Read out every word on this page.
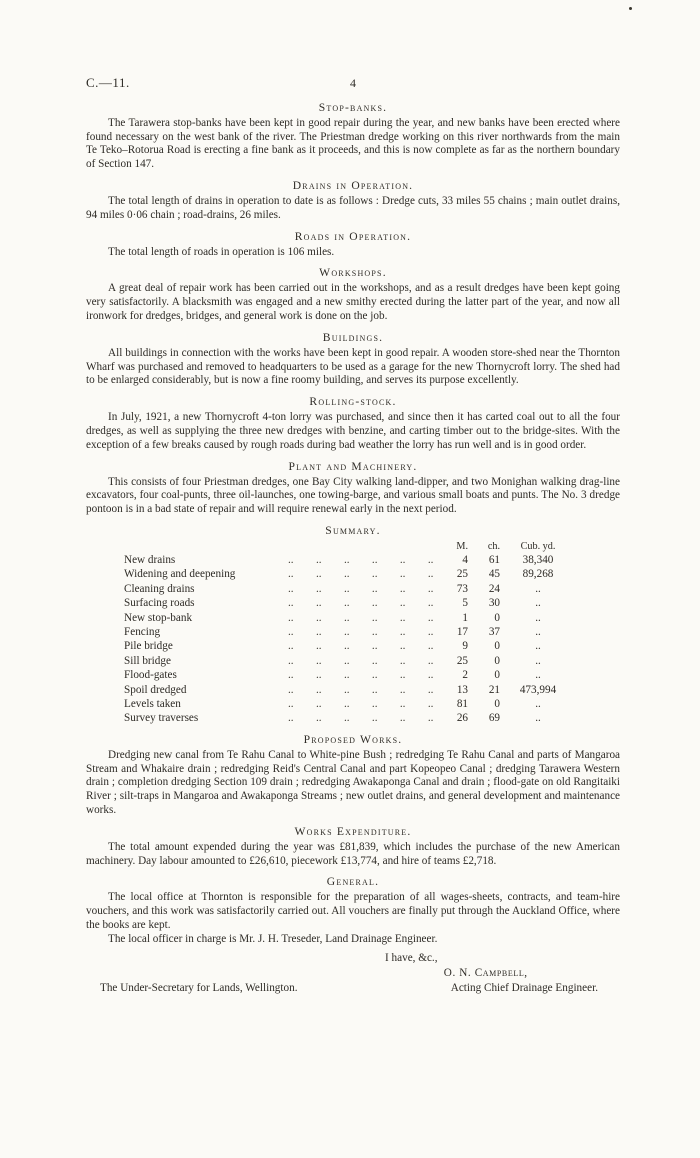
C.—11.	4
Stop-banks.

The Tarawera stop-banks have been kept in good repair during the year, and new banks have been erected where found necessary on the west bank of the river. The Priestman dredge working on this river northwards from the main Te Teko–Rotorua Road is erecting a fine bank as it proceeds, and this is now complete as far as the northern boundary of Section 147.

Drains in Operation.

The total length of drains in operation to date is as follows : Dredge cuts, 33 miles 55 chains ; main outlet drains, 94 miles 0·06 chain ; road-drains, 26 miles.

Roads in Operation.

The total length of roads in operation is 106 miles.

Workshops.

A great deal of repair work has been carried out in the workshops, and as a result dredges have been kept going very satisfactorily. A blacksmith was engaged and a new smithy erected during the latter part of the year, and now all ironwork for dredges, bridges, and general work is done on the job.

Buildings.

All buildings in connection with the works have been kept in good repair. A wooden store-shed near the Thornton Wharf was purchased and removed to headquarters to be used as a garage for the new Thornycroft lorry. The shed had to be enlarged considerably, but is now a fine roomy building, and serves its purpose excellently.

Rolling-stock.

In July, 1921, a new Thornycroft 4-ton lorry was purchased, and since then it has carted coal out to all the four dredges, as well as supplying the three new dredges with benzine, and carting timber out to the bridge-sites. With the exception of a few breaks caused by rough roads during bad weather the lorry has run well and is in good order.

Plant and Machinery.

This consists of four Priestman dredges, one Bay City walking land-dipper, and two Monighan walking drag-line excavators, four coal-punts, three oil-launches, one towing-barge, and various small boats and punts. The No. 3 dredge pontoon is in a bad state of repair and will require renewal early in the next period.

Summary.
M.	ch.	Cub. yd.
New drains ..   	4	61	38,340
Widening and deepening ..   	25	45	89,268
Cleaning drains ..   	73	24	..
Surfacing roads ..   	5	30	..
New stop-bank ..   	1	0	..
Fencing ..   	17	37	..
Pile bridge ..   	9	0	..
Sill bridge ..   	25	0	..
Flood-gates ..   	2	0	..
Spoil dredged ..   	13	21	473,994
Levels taken ..   	81	0	..
Survey traverses ..   	26	69	..
Proposed Works.

Dredging new canal from Te Rahu Canal to White-pine Bush ; redredging Te Rahu Canal and parts of Mangaroa Stream and Whakaire drain ; redredging Reid's Central Canal and part Kopeopeo Canal ; dredging Tarawera Western drain ; completion dredging Section 109 drain ; redredging Awakaponga Canal and drain ; flood-gate on old Rangitaiki River ; silt-traps in Mangaroa and Awakaponga Streams ; new outlet drains, and general development and maintenance works.

Works Expenditure.

The total amount expended during the year was £81,839, which includes the purchase of the new American machinery. Day labour amounted to £26,610, piecework £13,774, and hire of teams £2,718.

General.

The local office at Thornton is responsible for the preparation of all wages-sheets, contracts, and team-hire vouchers, and this work was satisfactorily carried out. All vouchers are finally put through the Auckland Office, where the books are kept.

The local officer in charge is Mr. J. H. Treseder, Land Drainage Engineer.

I have, &c.,
O. N. Campbell,
The Under-Secretary for Lands, Wellington.	Acting Chief Drainage Engineer.
